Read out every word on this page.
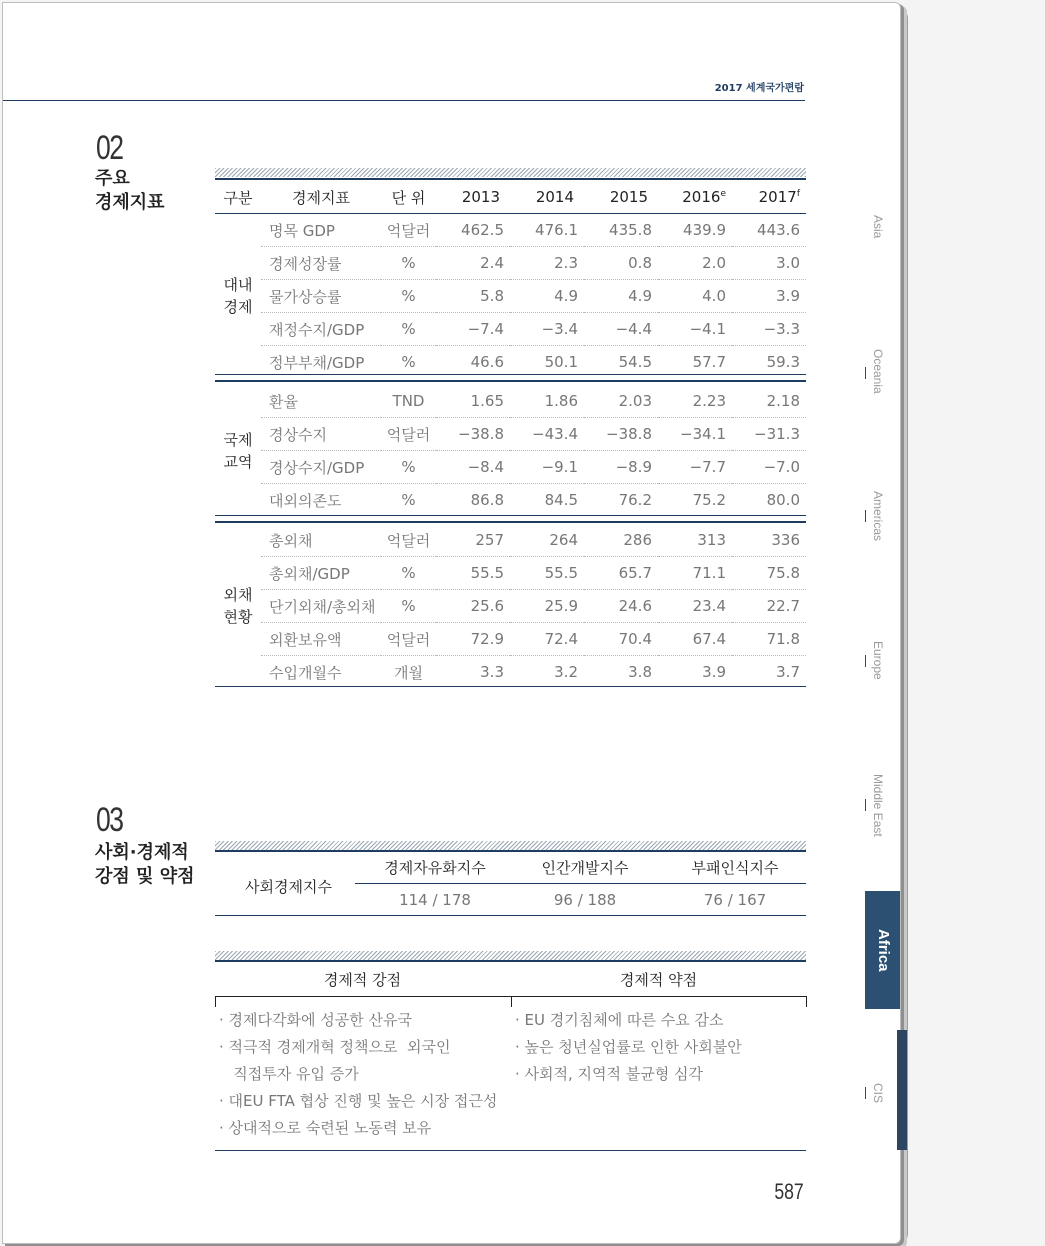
2017 세계국가편람
02
주요
경제지표	구분	경제지표	단 위	2013	2014	2015	2016e	2017$^f$
대내
경제	명목 GDP	억달러	462.5	476.1	435.8	439.9	443.6
	경제성장률	%	2.4	2.3	0.8	2.0	3.0
	물가상승률	%	5.8	4.9	4.9	4.0	3.9
	재정수지/GDP	%	−7.4	−3.4	−4.4	−4.1	−3.3
	정부부채/GDP	%	46.6	50.1	54.5	57.7	59.3
국제
교역	환율	TND	1.65	1.86	2.03	2.23	2.18
	경상수지	억달러	−38.8	−43.4	−38.8	−34.1	−31.3
	경상수지/GDP	%	−8.4	−9.1	−8.9	−7.7	−7.0
	대외의존도	%	86.8	84.5	76.2	75.2	80.0
외채
현황	총외채	억달러	257	264	286	313	336
	총외채/GDP	%	55.5	55.5	65.7	71.1	75.8
	단기외채/총외채	%	25.6	25.9	24.6	23.4	22.7
	외환보유액	억달러	72.9	72.4	70.4	67.4	71.8
	수입개월수	개월	3.3	3.2	3.8	3.9	3.7
03
사회·경제적
강점 및 약점	사회경제지수
경제자유화지수	인간개발지수	부패인식지수
114 / 178	96 / 188	76 / 167
경제적 강점	경제적 약점
· 경제다각화에 성공한 산유국
· 적극적 경제개혁 정책으로  외국인
직접투자 유입 증가
· 대EU FTA 협상 진행 및 높은 시장 접근성
· 상대적으로 숙련된 노동력 보유
· EU 경기침체에 따른 수요 감소
· 높은 청년실업률로 인한 사회불안
· 사회적, 지역적 불균형 심각
587
Asia
Oceania
Americas
Europe
Middle East
Africa
CIS
